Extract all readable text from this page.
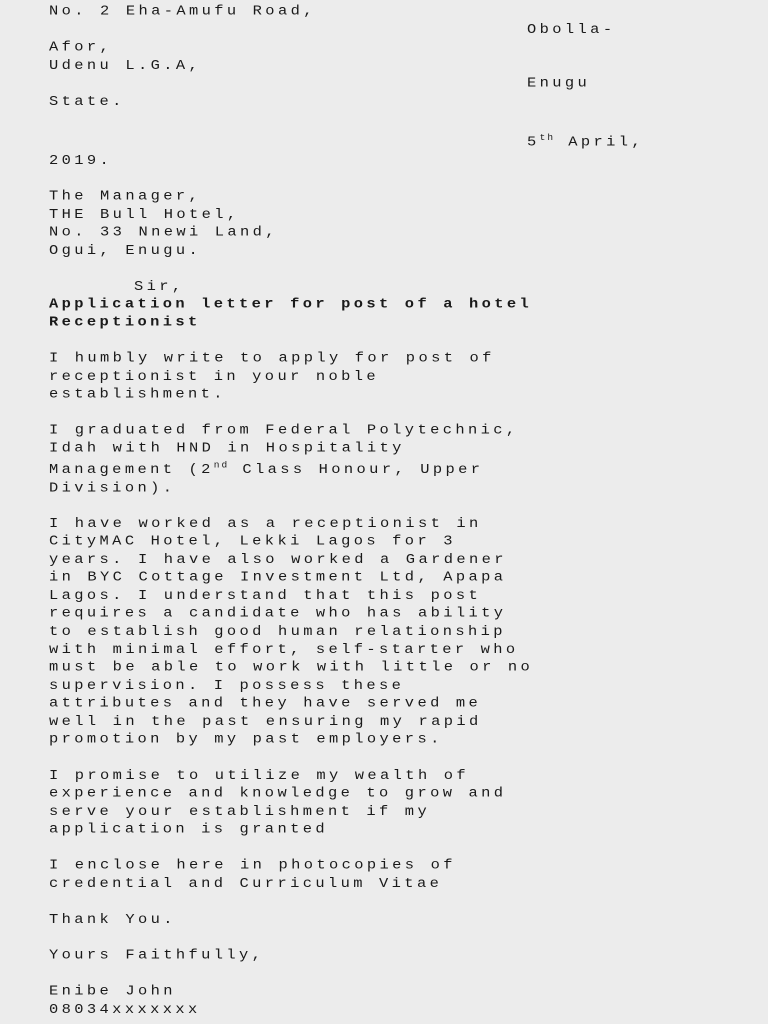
No. 2 Eha-Amufu Road,
Obolla-
Afor,
Udenu L.G.A,
Enugu
State.
5th April,
2019.
The Manager,
THE Bull Hotel,
No. 33 Nnewi Land,
Ogui, Enugu.
Sir,
Application letter for post of a hotel
Receptionist
I humbly write to apply for post of
receptionist in your noble
establishment.
I graduated from Federal Polytechnic,
Idah with HND in Hospitality
Management (2nd Class Honour, Upper
Division).
I have worked as a receptionist in
CityMAC Hotel, Lekki Lagos for 3
years. I have also worked a Gardener
in BYC Cottage Investment Ltd, Apapa
Lagos. I understand that this post
requires a candidate who has ability
to establish good human relationship
with minimal effort, self-starter who
must be able to work with little or no
supervision. I possess these
attributes and they have served me
well in the past ensuring my rapid
promotion by my past employers.
I promise to utilize my wealth of
experience and knowledge to grow and
serve your establishment if my
application is granted
I enclose here in photocopies of
credential and Curriculum Vitae
Thank You.
Yours Faithfully,
Enibe John
08034xxxxxxx
